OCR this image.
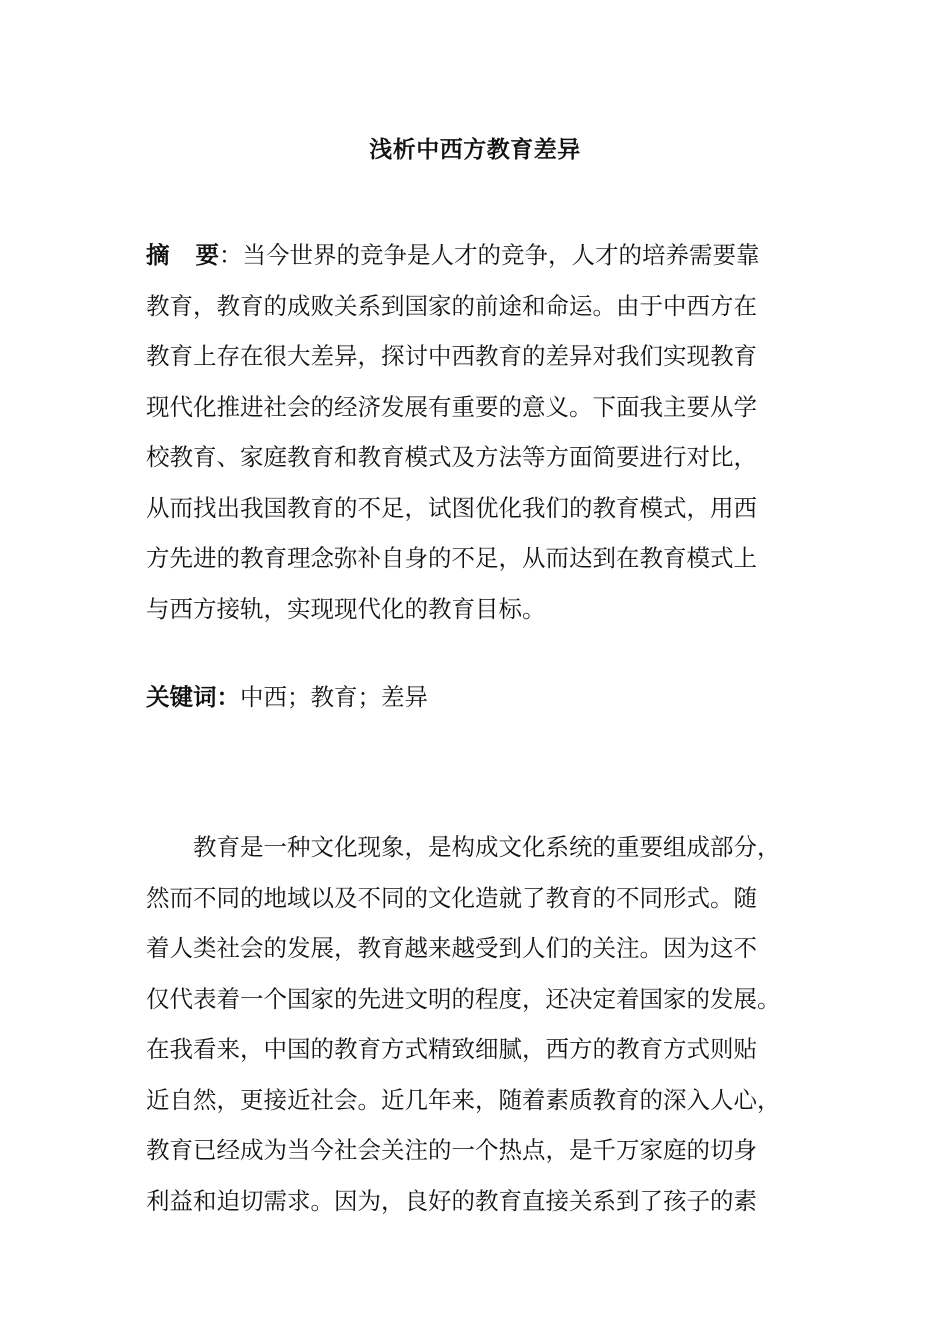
浅析中西方教育差异
摘要：当今世界的竞争是人才的竞争，人才的培养需要靠
教育，教育的成败关系到国家的前途和命运。由于中西方在
教育上存在很大差异，探讨中西教育的差异对我们实现教育
现代化推进社会的经济发展有重要的意义。下面我主要从学
校教育、家庭教育和教育模式及方法等方面简要进行对比，
从而找出我国教育的不足，试图优化我们的教育模式，用西
方先进的教育理念弥补自身的不足，从而达到在教育模式上
与西方接轨，实现现代化的教育目标。
关键词：中西；教育；差异
　　教育是一种文化现象，是构成文化系统的重要组成部分，
然而不同的地域以及不同的文化造就了教育的不同形式。随
着人类社会的发展，教育越来越受到人们的关注。因为这不
仅代表着一个国家的先进文明的程度，还决定着国家的发展。
在我看来，中国的教育方式精致细腻，西方的教育方式则贴
近自然，更接近社会。近几年来，随着素质教育的深入人心，
教育已经成为当今社会关注的一个热点，是千万家庭的切身
利益和迫切需求。因为，良好的教育直接关系到了孩子的素
